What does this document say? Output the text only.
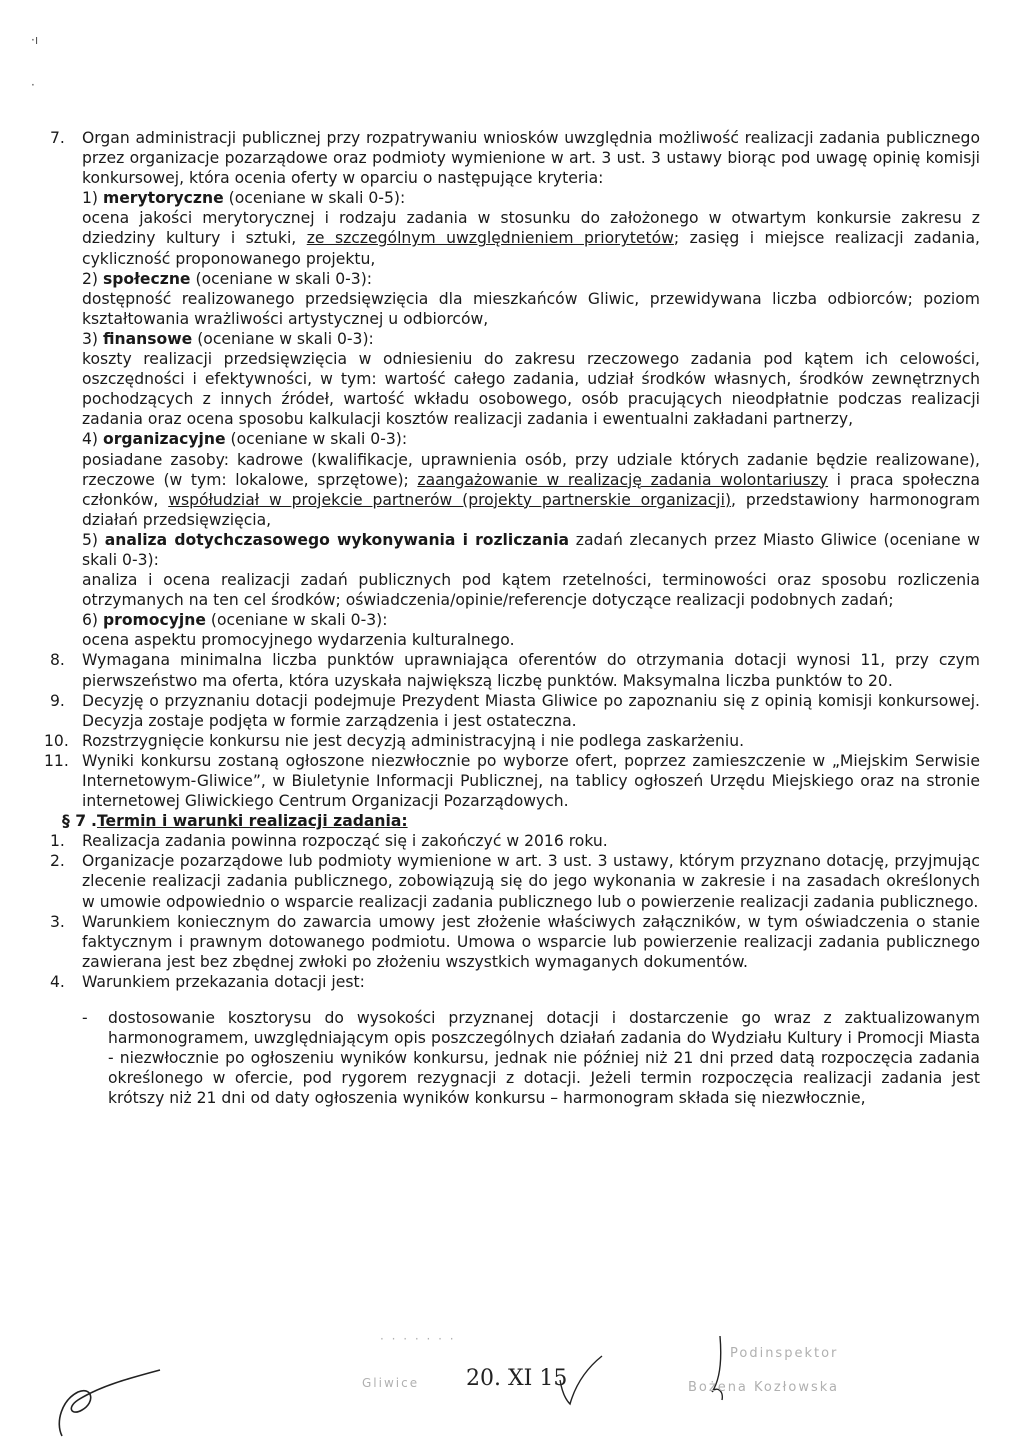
·ı
·
7. Organ administracji publicznej przy rozpatrywaniu wniosków uwzględnia możliwość realizacji zadania publicznego przez organizacje pozarządowe oraz podmioty wymienione w art. 3 ust. 3 ustawy biorąc pod uwagę opinię komisji konkursowej, która ocenia oferty w oparciu o następujące kryteria:

1) merytoryczne (oceniane w skali 0-5):

ocena jakości merytorycznej i rodzaju zadania w stosunku do założonego w otwartym konkursie zakresu z dziedziny kultury i sztuki, ze szczególnym uwzględnieniem priorytetów; zasięg i miejsce realizacji zadania, cykliczność proponowanego projektu,

2) społeczne (oceniane w skali 0-3):

dostępność realizowanego przedsięwzięcia dla mieszkańców Gliwic, przewidywana liczba odbiorców; poziom kształtowania wrażliwości artystycznej u odbiorców,

3) finansowe (oceniane w skali 0-3):

koszty realizacji przedsięwzięcia w odniesieniu do zakresu rzeczowego zadania pod kątem ich celowości, oszczędności i efektywności, w tym: wartość całego zadania, udział środków własnych, środków zewnętrznych pochodzących z innych źródeł, wartość wkładu osobowego, osób pracujących nieodpłatnie podczas realizacji zadania oraz ocena sposobu kalkulacji kosztów realizacji zadania i ewentualni zakładani partnerzy,

4) organizacyjne (oceniane w skali 0-3):

posiadane zasoby: kadrowe (kwalifikacje, uprawnienia osób, przy udziale których zadanie będzie realizowane), rzeczowe (w tym: lokalowe, sprzętowe); zaangażowanie w realizację zadania wolontariuszy i praca społeczna członków, współudział w projekcie partnerów (projekty partnerskie organizacji), przedstawiony harmonogram działań przedsięwzięcia,

5) analiza dotychczasowego wykonywania i rozliczania zadań zlecanych przez Miasto Gliwice (oceniane w skali 0-3):

analiza i ocena realizacji zadań publicznych pod kątem rzetelności, terminowości oraz sposobu rozliczenia otrzymanych na ten cel środków; oświadczenia/opinie/referencje dotyczące realizacji podobnych zadań;

6) promocyjne (oceniane w skali 0-3):

ocena aspektu promocyjnego wydarzenia kulturalnego.

8. Wymagana minimalna liczba punktów uprawniająca oferentów do otrzymania dotacji wynosi 11, przy czym pierwszeństwo ma oferta, która uzyskała największą liczbę punktów. Maksymalna liczba punktów to 20.

9. Decyzję o przyznaniu dotacji podejmuje Prezydent Miasta Gliwice po zapoznaniu się z opinią komisji konkursowej. Decyzja zostaje podjęta w formie zarządzenia i jest ostateczna.

10. Rozstrzygnięcie konkursu nie jest decyzją administracyjną i nie podlega zaskarżeniu.

11. Wyniki konkursu zostaną ogłoszone niezwłocznie po wyborze ofert, poprzez zamieszczenie w „Miejskim Serwisie Internetowym-Gliwice”, w Biuletynie Informacji Publicznej, na tablicy ogłoszeń Urzędu Miejskiego oraz na stronie internetowej Gliwickiego Centrum Organizacji Pozarządowych.

§ 7 .Termin i warunki realizacji zadania:

1. Realizacja zadania powinna rozpocząć się i zakończyć w 2016 roku.

2. Organizacje pozarządowe lub podmioty wymienione w art. 3 ust. 3 ustawy, którym przyznano dotację, przyjmując zlecenie realizacji zadania publicznego, zobowiązują się do jego wykonania w zakresie i na zasadach określonych w umowie odpowiednio o wsparcie realizacji zadania publicznego lub o powierzenie realizacji zadania publicznego.

3. Warunkiem koniecznym do zawarcia umowy jest złożenie właściwych załączników, w tym oświadczenia o stanie faktycznym i prawnym dotowanego podmiotu. Umowa o wsparcie lub powierzenie realizacji zadania publicznego zawierana jest bez zbędnej zwłoki po złożeniu wszystkich wymaganych dokumentów.

4. Warunkiem przekazania dotacji jest:

- dostosowanie kosztorysu do wysokości przyznanej dotacji i dostarczenie go wraz z zaktualizowanym harmonogramem, uwzględniającym opis poszczególnych działań zadania do Wydziału Kultury i Promocji Miasta - niezwłocznie po ogłoszeniu wyników konkursu, jednak nie później niż 21 dni przed datą rozpoczęcia zadania określonego w ofercie, pod rygorem rezygnacji z dotacji. Jeżeli termin rozpoczęcia realizacji zadania jest krótszy niż 21 dni od daty ogłoszenia wyników konkursu – harmonogram składa się niezwłocznie,

· · · · · · ·
Gliwice 20. XI 15
Podinspektor
Bożena Kozłowska
